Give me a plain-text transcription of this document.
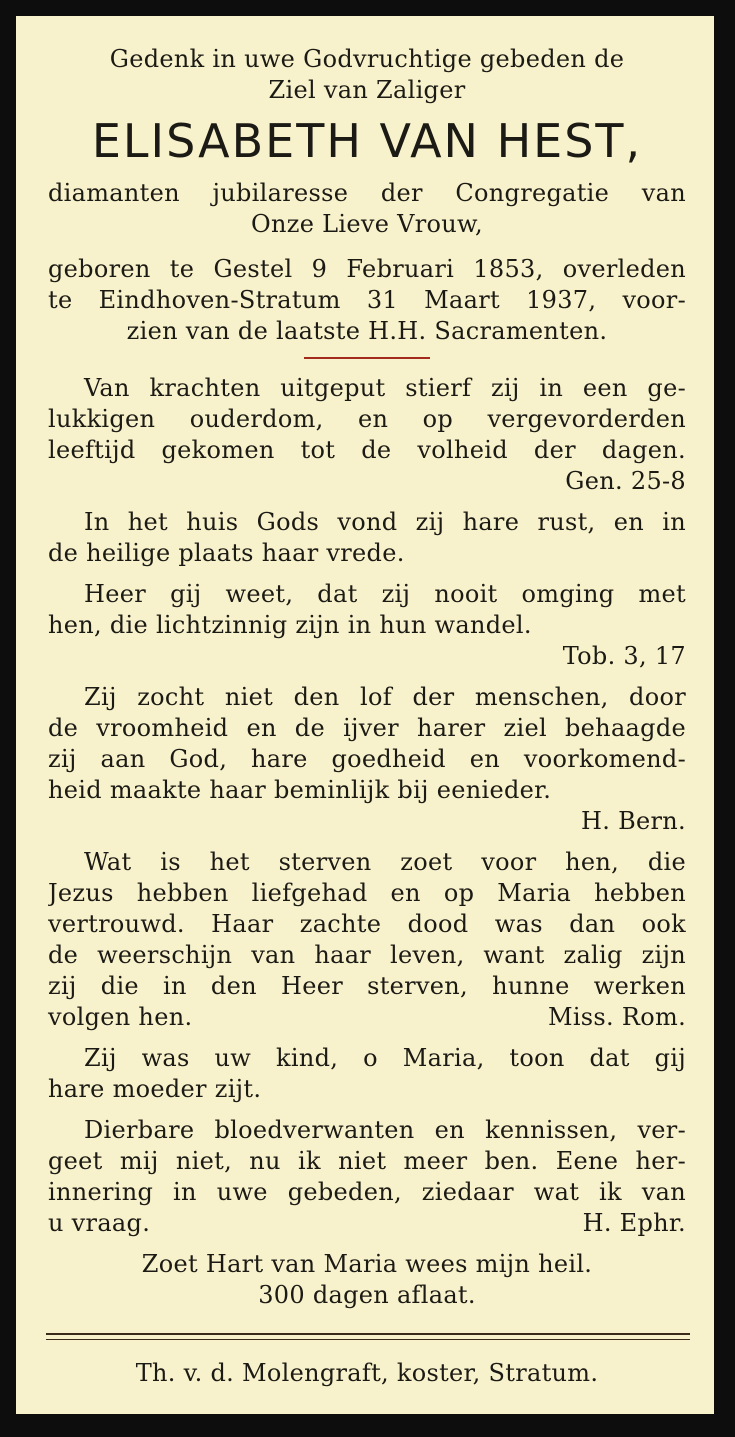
Gedenk in uwe Godvruchtige gebeden de
Ziel van Zaliger
ELISABETH VAN HEST,
diamanten jubilaresse der Congregatie van
Onze Lieve Vrouw,
geboren te Gestel 9 Februari 1853, overleden
te Eindhoven-Stratum 31 Maart 1937, voor-
zien van de laatste H.H. Sacramenten.
Van krachten uitgeput stierf zij in een ge-
lukkigen ouderdom, en op vergevorderden
leeftijd gekomen tot de volheid der dagen.
Gen. 25-8
In het huis Gods vond zij hare rust, en in
de heilige plaats haar vrede.
Heer gij weet, dat zij nooit omging met
hen, die lichtzinnig zijn in hun wandel.
Tob. 3, 17
Zij zocht niet den lof der menschen, door
de vroomheid en de ijver harer ziel behaagde
zij aan God, hare goedheid en voorkomend-
heid maakte haar beminlijk bij eenieder.
H. Bern.
Wat is het sterven zoet voor hen, die
Jezus hebben liefgehad en op Maria hebben
vertrouwd. Haar zachte dood was dan ook
de weerschijn van haar leven, want zalig zijn
zij die in den Heer sterven, hunne werken
volgen hen.	Miss. Rom.
Zij was uw kind, o Maria, toon dat gij
hare moeder zijt.
Dierbare bloedverwanten en kennissen, ver-
geet mij niet, nu ik niet meer ben. Eene her-
innering in uwe gebeden, ziedaar wat ik van
u vraag.	H. Ephr.
Zoet Hart van Maria wees mijn heil.
300 dagen aflaat.
Th. v. d. Molengraft, koster, Stratum.
